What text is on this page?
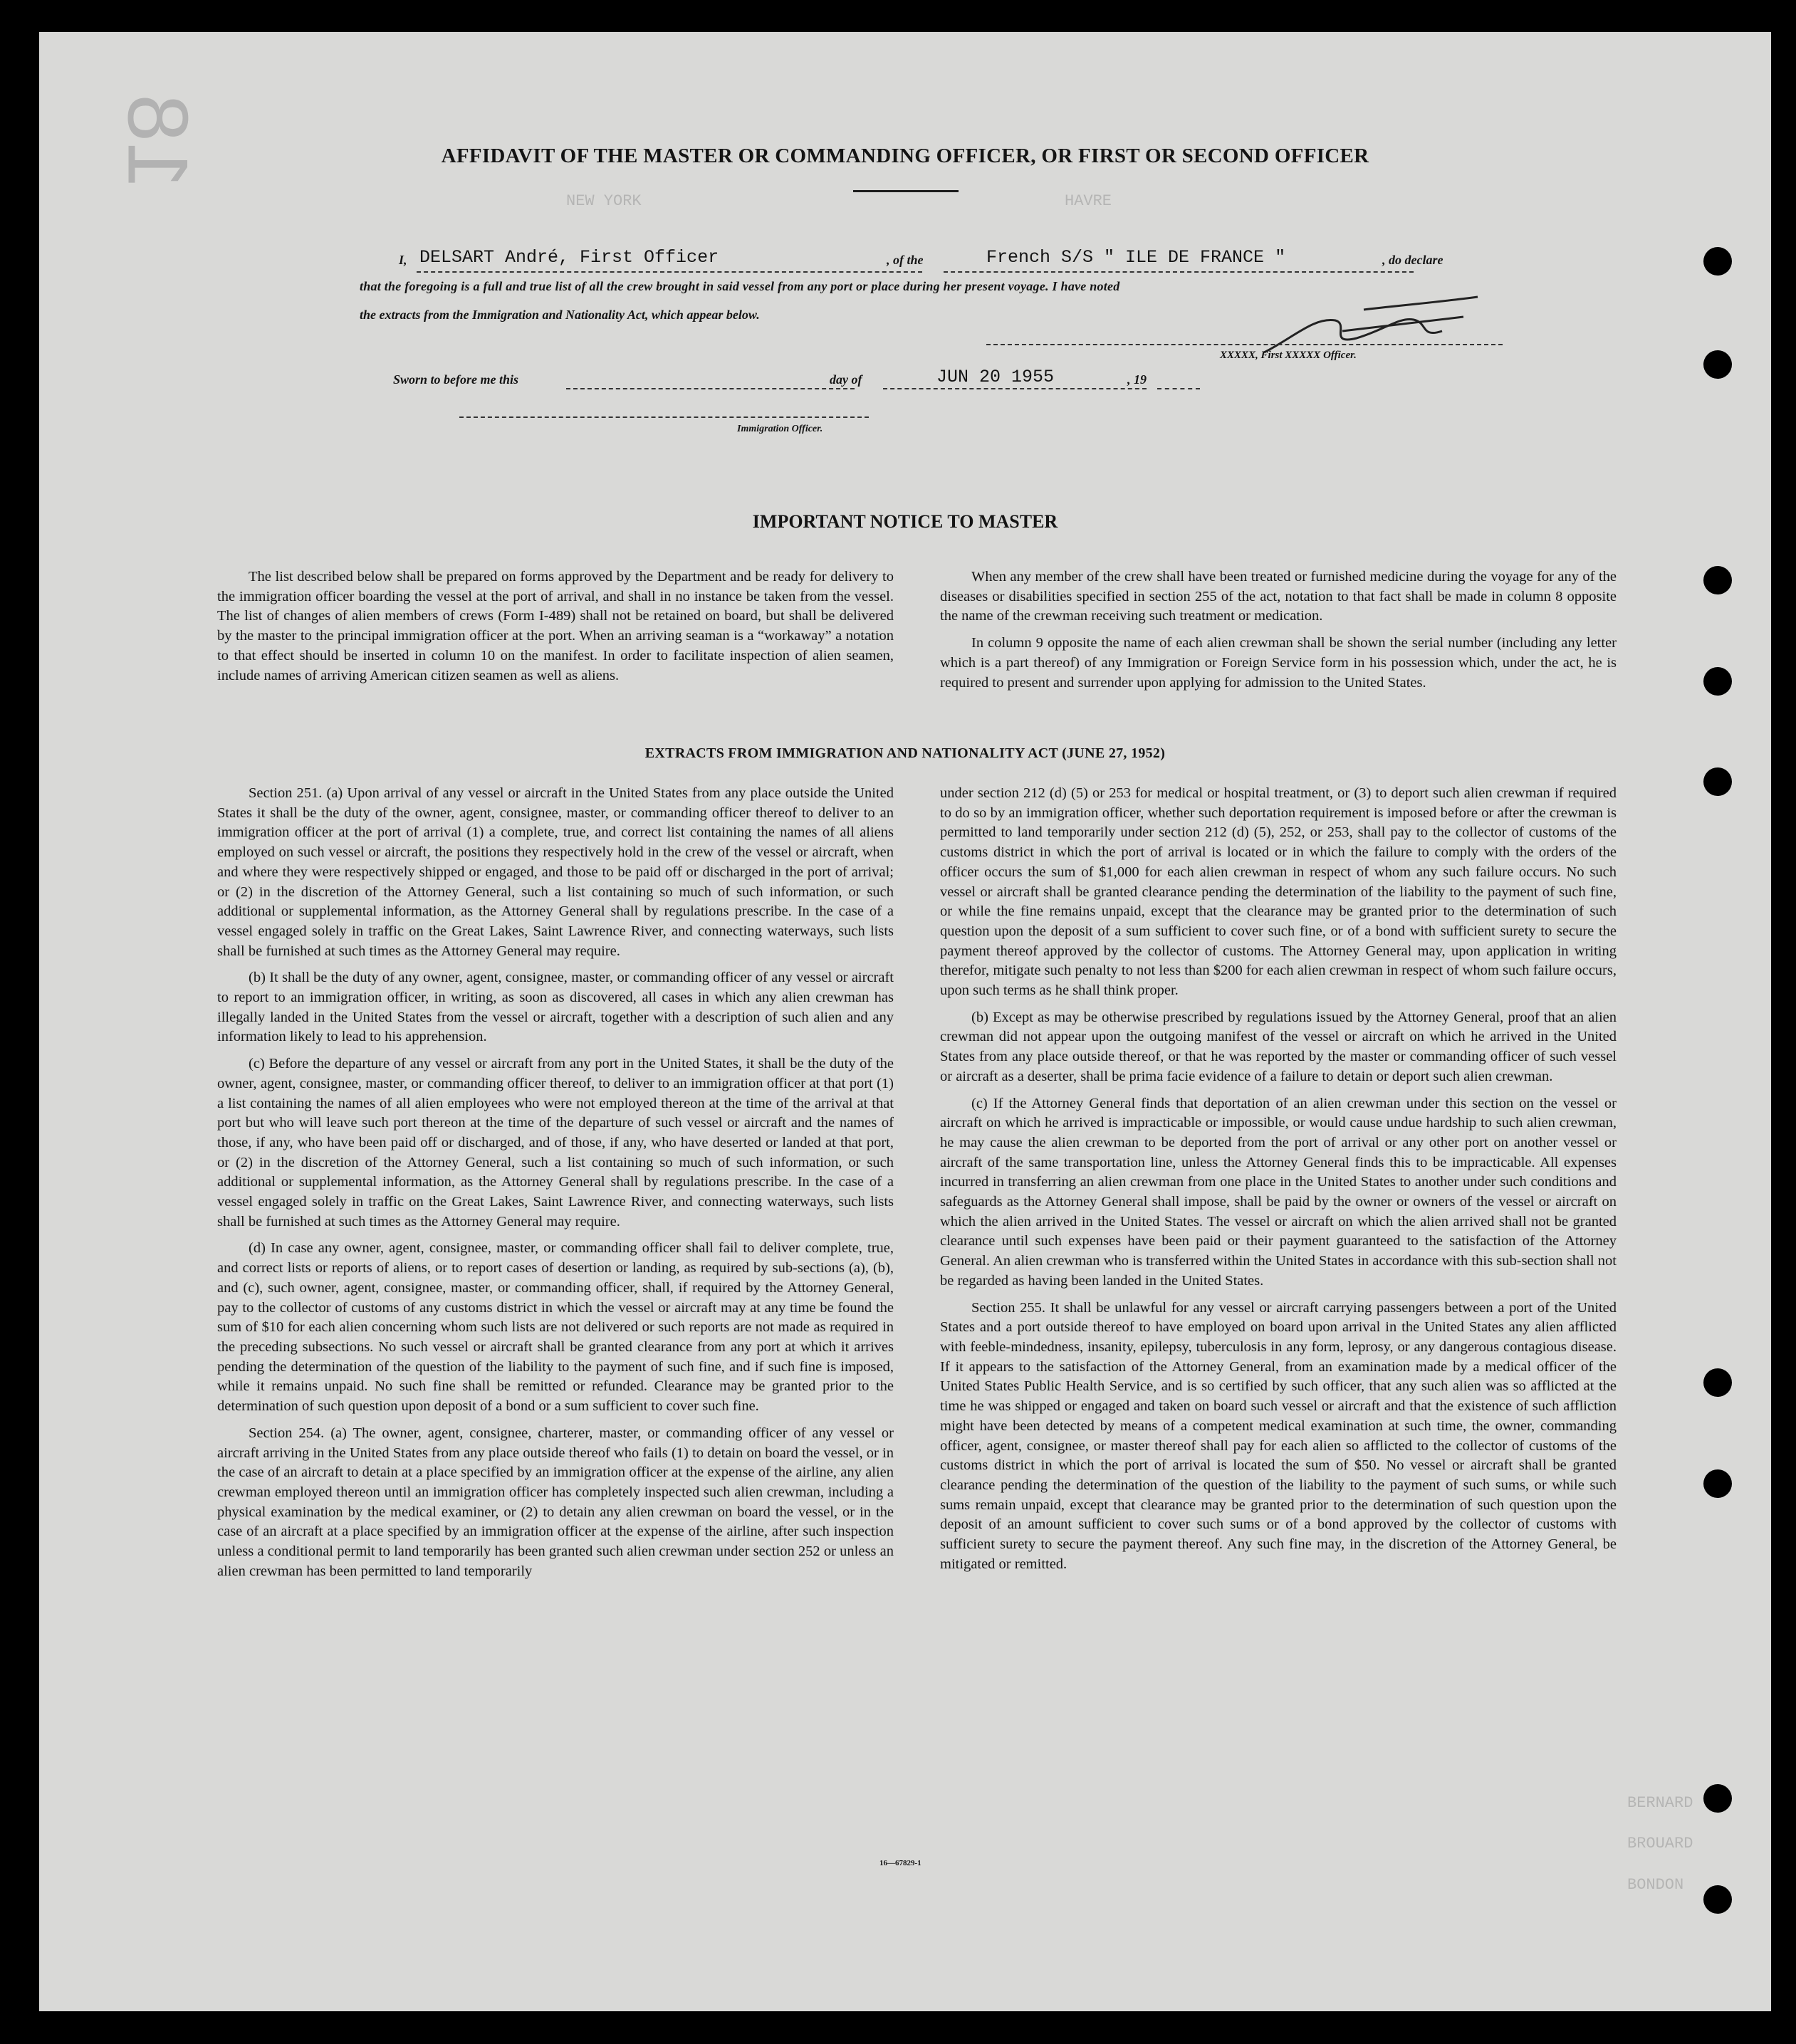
18	AFFIDAVIT OF THE MASTER OR COMMANDING OFFICER, OR FIRST OR SECOND OFFICER
I, DELSART André, First Officer	, of the	French S/S " ILE DE FRANCE "	, do declare
that the foregoing is a full and true list of all the crew brought in said vessel from any port or place during her present voyage. I have noted
the extracts from the Immigration and Nationality Act, which appear below.
XXXXX, First XXXXX Officer.
Sworn to before me this	day of	JUN 20 1955	, 19
Immigration Officer.
NEW YORK	HAVRE
BERNARD
BROUARD
BONDON
IMPORTANT NOTICE TO MASTER

The list described below shall be prepared on forms approved by the Department and be ready for delivery to the immigration officer boarding the vessel at the port of arrival, and shall in no instance be taken from the vessel. The list of changes of alien members of crews (Form I-489) shall not be retained on board, but shall be delivered by the master to the principal immigration officer at the port. When an arriving seaman is a “workaway” a notation to that effect should be inserted in column 10 on the manifest. In order to facilitate inspection of alien seamen, include names of arriving American citizen seamen as well as aliens.

When any member of the crew shall have been treated or furnished medicine during the voyage for any of the diseases or disabilities specified in section 255 of the act, notation to that fact shall be made in column 8 opposite the name of the crewman receiving such treatment or medication.

In column 9 opposite the name of each alien crewman shall be shown the serial number (including any letter which is a part thereof) of any Immigration or Foreign Service form in his possession which, under the act, he is required to present and surrender upon applying for admission to the United States.

EXTRACTS FROM IMMIGRATION AND NATIONALITY ACT (JUNE 27, 1952)

Section 251. (a) Upon arrival of any vessel or aircraft in the United States from any place outside the United States it shall be the duty of the owner, agent, consignee, master, or commanding officer thereof to deliver to an immigration officer at the port of arrival (1) a complete, true, and correct list containing the names of all aliens employed on such vessel or aircraft, the positions they respectively hold in the crew of the vessel or aircraft, when and where they were respectively shipped or engaged, and those to be paid off or discharged in the port of arrival; or (2) in the discretion of the Attorney General, such a list containing so much of such information, or such additional or supplemental information, as the Attorney General shall by regulations prescribe. In the case of a vessel engaged solely in traffic on the Great Lakes, Saint Lawrence River, and connecting waterways, such lists shall be furnished at such times as the Attorney General may require.

(b) It shall be the duty of any owner, agent, consignee, master, or commanding officer of any vessel or aircraft to report to an immigration officer, in writing, as soon as discovered, all cases in which any alien crewman has illegally landed in the United States from the vessel or aircraft, together with a description of such alien and any information likely to lead to his apprehension.

(c) Before the departure of any vessel or aircraft from any port in the United States, it shall be the duty of the owner, agent, consignee, master, or commanding officer thereof, to deliver to an immigration officer at that port (1) a list containing the names of all alien employees who were not employed thereon at the time of the arrival at that port but who will leave such port thereon at the time of the departure of such vessel or aircraft and the names of those, if any, who have been paid off or discharged, and of those, if any, who have deserted or landed at that port, or (2) in the discretion of the Attorney General, such a list containing so much of such information, or such additional or supplemental information, as the Attorney General shall by regulations prescribe. In the case of a vessel engaged solely in traffic on the Great Lakes, Saint Lawrence River, and connecting waterways, such lists shall be furnished at such times as the Attorney General may require.

(d) In case any owner, agent, consignee, master, or commanding officer shall fail to deliver complete, true, and correct lists or reports of aliens, or to report cases of desertion or landing, as required by sub-sections (a), (b), and (c), such owner, agent, consignee, master, or commanding officer, shall, if required by the Attorney General, pay to the collector of customs of any customs district in which the vessel or aircraft may at any time be found the sum of $10 for each alien concerning whom such lists are not delivered or such reports are not made as required in the preceding subsections. No such vessel or aircraft shall be granted clearance from any port at which it arrives pending the determination of the question of the liability to the payment of such fine, and if such fine is imposed, while it remains unpaid. No such fine shall be remitted or refunded. Clearance may be granted prior to the determination of such question upon deposit of a bond or a sum sufficient to cover such fine.

Section 254. (a) The owner, agent, consignee, charterer, master, or commanding officer of any vessel or aircraft arriving in the United States from any place outside thereof who fails (1) to detain on board the vessel, or in the case of an aircraft to detain at a place specified by an immigration officer at the expense of the airline, any alien crewman employed thereon until an immigration officer has completely inspected such alien crewman, including a physical examination by the medical examiner, or (2) to detain any alien crewman on board the vessel, or in the case of an aircraft at a place specified by an immigration officer at the expense of the airline, after such inspection unless a conditional permit to land temporarily has been granted such alien crewman under section 252 or unless an alien crewman has been permitted to land temporarily

under section 212 (d) (5) or 253 for medical or hospital treatment, or (3) to deport such alien crewman if required to do so by an immigration officer, whether such deportation requirement is imposed before or after the crewman is permitted to land temporarily under section 212 (d) (5), 252, or 253, shall pay to the collector of customs of the customs district in which the port of arrival is located or in which the failure to comply with the orders of the officer occurs the sum of $1,000 for each alien crewman in respect of whom any such failure occurs. No such vessel or aircraft shall be granted clearance pending the determination of the liability to the payment of such fine, or while the fine remains unpaid, except that the clearance may be granted prior to the determination of such question upon the deposit of a sum sufficient to cover such fine, or of a bond with sufficient surety to secure the payment thereof approved by the collector of customs. The Attorney General may, upon application in writing therefor, mitigate such penalty to not less than $200 for each alien crewman in respect of whom such failure occurs, upon such terms as he shall think proper.

(b) Except as may be otherwise prescribed by regulations issued by the Attorney General, proof that an alien crewman did not appear upon the outgoing manifest of the vessel or aircraft on which he arrived in the United States from any place outside thereof, or that he was reported by the master or commanding officer of such vessel or aircraft as a deserter, shall be prima facie evidence of a failure to detain or deport such alien crewman.

(c) If the Attorney General finds that deportation of an alien crewman under this section on the vessel or aircraft on which he arrived is impracticable or impossible, or would cause undue hardship to such alien crewman, he may cause the alien crewman to be deported from the port of arrival or any other port on another vessel or aircraft of the same transportation line, unless the Attorney General finds this to be impracticable. All expenses incurred in transferring an alien crewman from one place in the United States to another under such conditions and safeguards as the Attorney General shall impose, shall be paid by the owner or owners of the vessel or aircraft on which the alien arrived in the United States. The vessel or aircraft on which the alien arrived shall not be granted clearance until such expenses have been paid or their payment guaranteed to the satisfaction of the Attorney General. An alien crewman who is transferred within the United States in accordance with this sub-section shall not be regarded as having been landed in the United States.

Section 255. It shall be unlawful for any vessel or aircraft carrying passengers between a port of the United States and a port outside thereof to have employed on board upon arrival in the United States any alien afflicted with feeble-mindedness, insanity, epilepsy, tuberculosis in any form, leprosy, or any dangerous contagious disease. If it appears to the satisfaction of the Attorney General, from an examination made by a medical officer of the United States Public Health Service, and is so certified by such officer, that any such alien was so afflicted at the time he was shipped or engaged and taken on board such vessel or aircraft and that the existence of such affliction might have been detected by means of a competent medical examination at such time, the owner, commanding officer, agent, consignee, or master thereof shall pay for each alien so afflicted to the collector of customs of the customs district in which the port of arrival is located the sum of $50. No vessel or aircraft shall be granted clearance pending the determination of the question of the liability to the payment of such sums, or while such sums remain unpaid, except that clearance may be granted prior to the determination of such question upon the deposit of an amount sufficient to cover such sums or of a bond approved by the collector of customs with sufficient surety to secure the payment thereof. Any such fine may, in the discretion of the Attorney General, be mitigated or remitted.

16—67829-1
